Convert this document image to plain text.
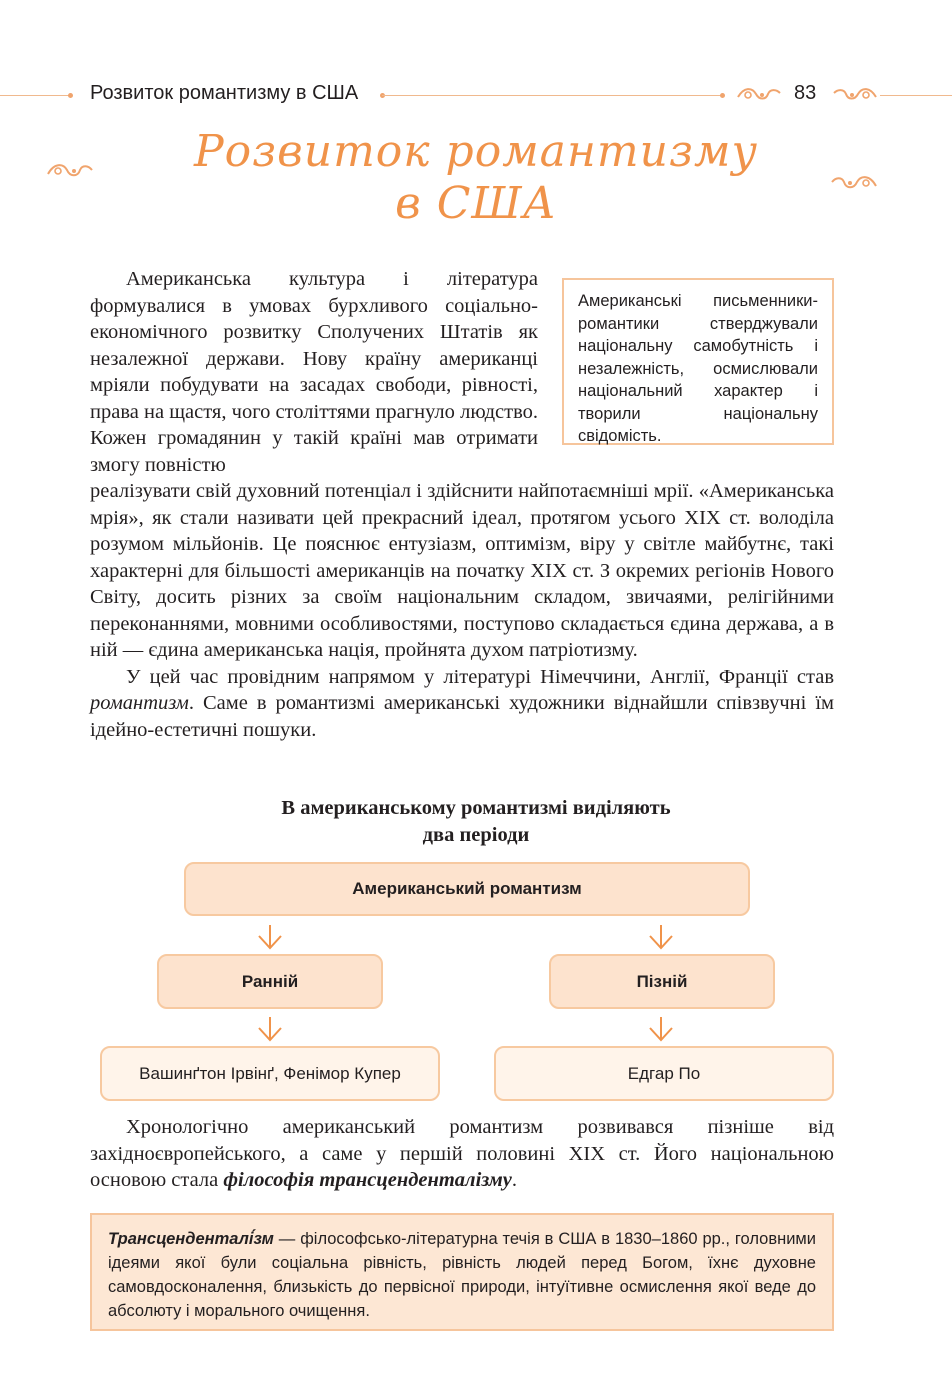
Розвиток романтизму в США	83
Розвиток романтизму
в США
Американські письменники-романтики стверджували національну самобутність і незалежність, осмислювали національний характер і творили національну свідомість.

Американська культура і література формувалися в умовах бурхливого соціально-економічного розвитку Сполучених Штатів як незалежної держави. Нову країну американці мріяли побудувати на засадах свободи, рівності, права на щастя, чого століттями прагнуло людство. Кожен громадянин у такій країні мав отримати змогу повністю

реалізувати свій духовний потенціал і здійснити найпотаємніші мрії. «Американська мрія», як стали називати цей прекрасний ідеал, протягом усього XIX ст. володіла розумом мільйонів. Це пояснює ентузіазм, оптимізм, віру у світле майбутнє, такі характерні для більшості американців на початку XIX ст. З окремих регіонів Нового Світу, досить різних за своїм національним складом, звичаями, релігійними переконаннями, мовними особливостями, поступово складається єдина держава, а в ній — єдина американська нація, пройнята духом патріотизму.

У цей час провідним напрямом у літературі Німеччини, Англії, Франції став романтизм. Саме в романтизмі американські художники віднайшли співзвучні їм ідейно-естетичні пошуки.

В американському романтизмі виділяють
два періоди
Американський романтизм
Ранній	Пізній
Вашинґтон Ірвінґ, Фенімор Купер	Едгар По

Хронологічно американський романтизм розвивався пізніше від західноєвропейського, а саме у першій половині XIX ст. Його національною основою стала філософія трансценденталізму.

Трансценденталі́зм — філософсько-літературна течія в США в 1830–1860 рр., головними ідеями якої були соціальна рівність, рівність людей перед Богом, їхнє духовне самовдосконалення, близькість до первісної природи, інтуїтивне осмислення якої веде до абсолюту і морального очищення.
